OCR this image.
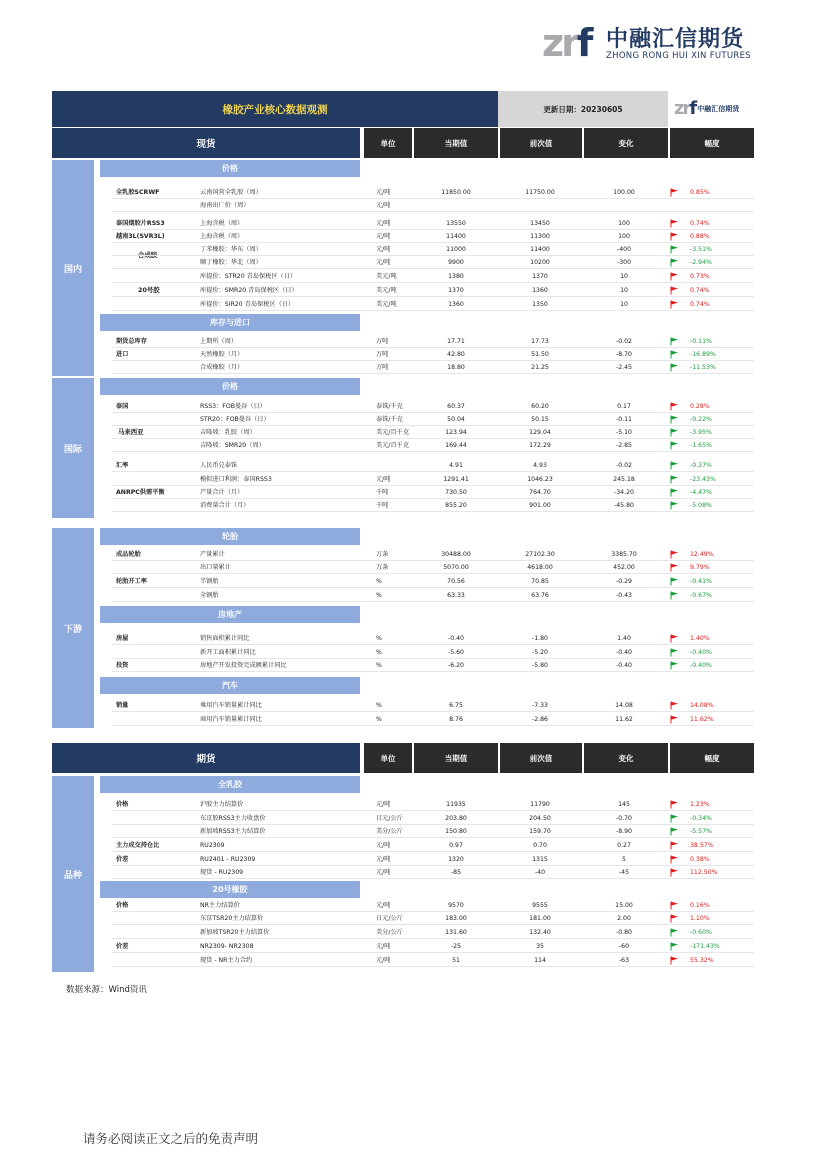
zrf 中融汇信期货
ZHONG RONG HUI XIN FUTURES
橡胶产业核心数据观测	更新日期：20230605	zrf 中融汇信期货
现货	单位	当期值	前次值	变化	幅度
国内
国际
下游
价格
库存与进口
价格
轮胎
房地产
汽车
合成胶
20号胶
马来西亚
全乳胶SCRWF	云南国营全乳胶（周）	元/吨	11850.00	11750.00	100.00	0.85%
海南出厂价（周）	元/吨
泰国烟胶片RSS3	上海含税（周）	元/吨	13550	13450	100	0.74%
越南3L(SVR3L)	上海含税（周）	元/吨	11400	11300	100	0.88%
丁苯橡胶：华东（周）	元/吨	11000	11400	-400	-3.51%
顺丁橡胶：华北（周）	元/吨	9900	10200	-300	-2.94%
库提价：STR20 青岛保税区（日）	美元/吨	1380	1370	10	0.73%
库提价：SMR20 青岛保税区（日）	美元/吨	1370	1360	10	0.74%
库提价：SIR20 青岛保税区（日）	美元/吨	1360	1350	10	0.74%
期货总库存	上期所（周）	万吨	17.71	17.73	-0.02	-0.11%
进口	天然橡胶（月）	万吨	42.80	51.50	-8.70	-16.89%
合成橡胶（月）	万吨	18.80	21.25	-2.45	-11.53%
泰国	RSS3：FOB曼谷（日）	泰铢/千克	60.37	60.20	0.17	0.28%
STR20：FOB曼谷（日）	泰铢/千克	50.04	50.15	-0.11	-0.22%
吉隆坡：乳胶（周）	美元/百千克	123.94	129.04	-5.10	-3.95%
吉隆坡：SMR20（周）	美元/百千克	169.44	172.29	-2.85	-1.65%
汇率	人民币兑泰铢	4.91	4.93	-0.02	-0.37%
模拟进口利润：泰国RSS3	元/吨	1291.41	1046.23	245.18	-23.43%
ANRPC供需平衡	产量合计（月）	千吨	730.50	764.70	-34.20	-4.47%
消费量合计（月）	千吨	855.20	901.00	-45.80	-5.08%
成品轮胎	产量累计	万条	30488.00	27102.30	3385.70	12.49%
出口量累计	万条	5070.00	4618.00	452.00	9.79%
轮胎开工率	半钢胎	%	70.56	70.85	-0.29	-0.41%
全钢胎	%	63.33	63.76	-0.43	-0.67%
房屋	销售面积累计同比	%	-0.40	-1.80	1.40	1.40%
新开工面积累计同比	%	-5.60	-5.20	-0.40	-0.40%
投资	房地产开发投资完成额累计同比	%	-6.20	-5.80	-0.40	-0.40%
销量	乘用汽车销量累计同比	%	6.75	-7.33	14.08	14.08%
商用汽车销量累计同比	%	8.76	-2.86	11.62	11.62%
期货	单位	当期值	前次值	变化	幅度
品种
全乳胶
20号橡胶
价格	沪胶主力结算价	元/吨	11935	11790	145	1.23%
东京胶RSS3主力收盘价	日元/公斤	203.80	204.50	-0.70	-0.34%
新加坡RSS3主力结算价	美分/公斤	150.80	159.70	-8.90	-5.57%
主力成交持仓比	RU2309	元/吨	0.97	0.70	0.27	38.57%
价差	RU2401 - RU2309	元/吨	1320	1315	5	0.38%
现货 - RU2309	元/吨	-85	-40	-45	112.50%
价格	NR主力结算价	元/吨	9570	9555	15.00	0.16%
东京TSR20主力结算价	日元/公斤	183.00	181.00	2.00	1.10%
新加坡TSR20主力结算价	美分/公斤	131.60	132.40	-0.80	-0.60%
价差	NR2309- NR2308	元/吨	-25	35	-60	-171.43%
现货 - NR主力合约	元/吨	51	114	-63	55.32%
数据来源：Wind资讯
请务必阅读正文之后的免责声明
